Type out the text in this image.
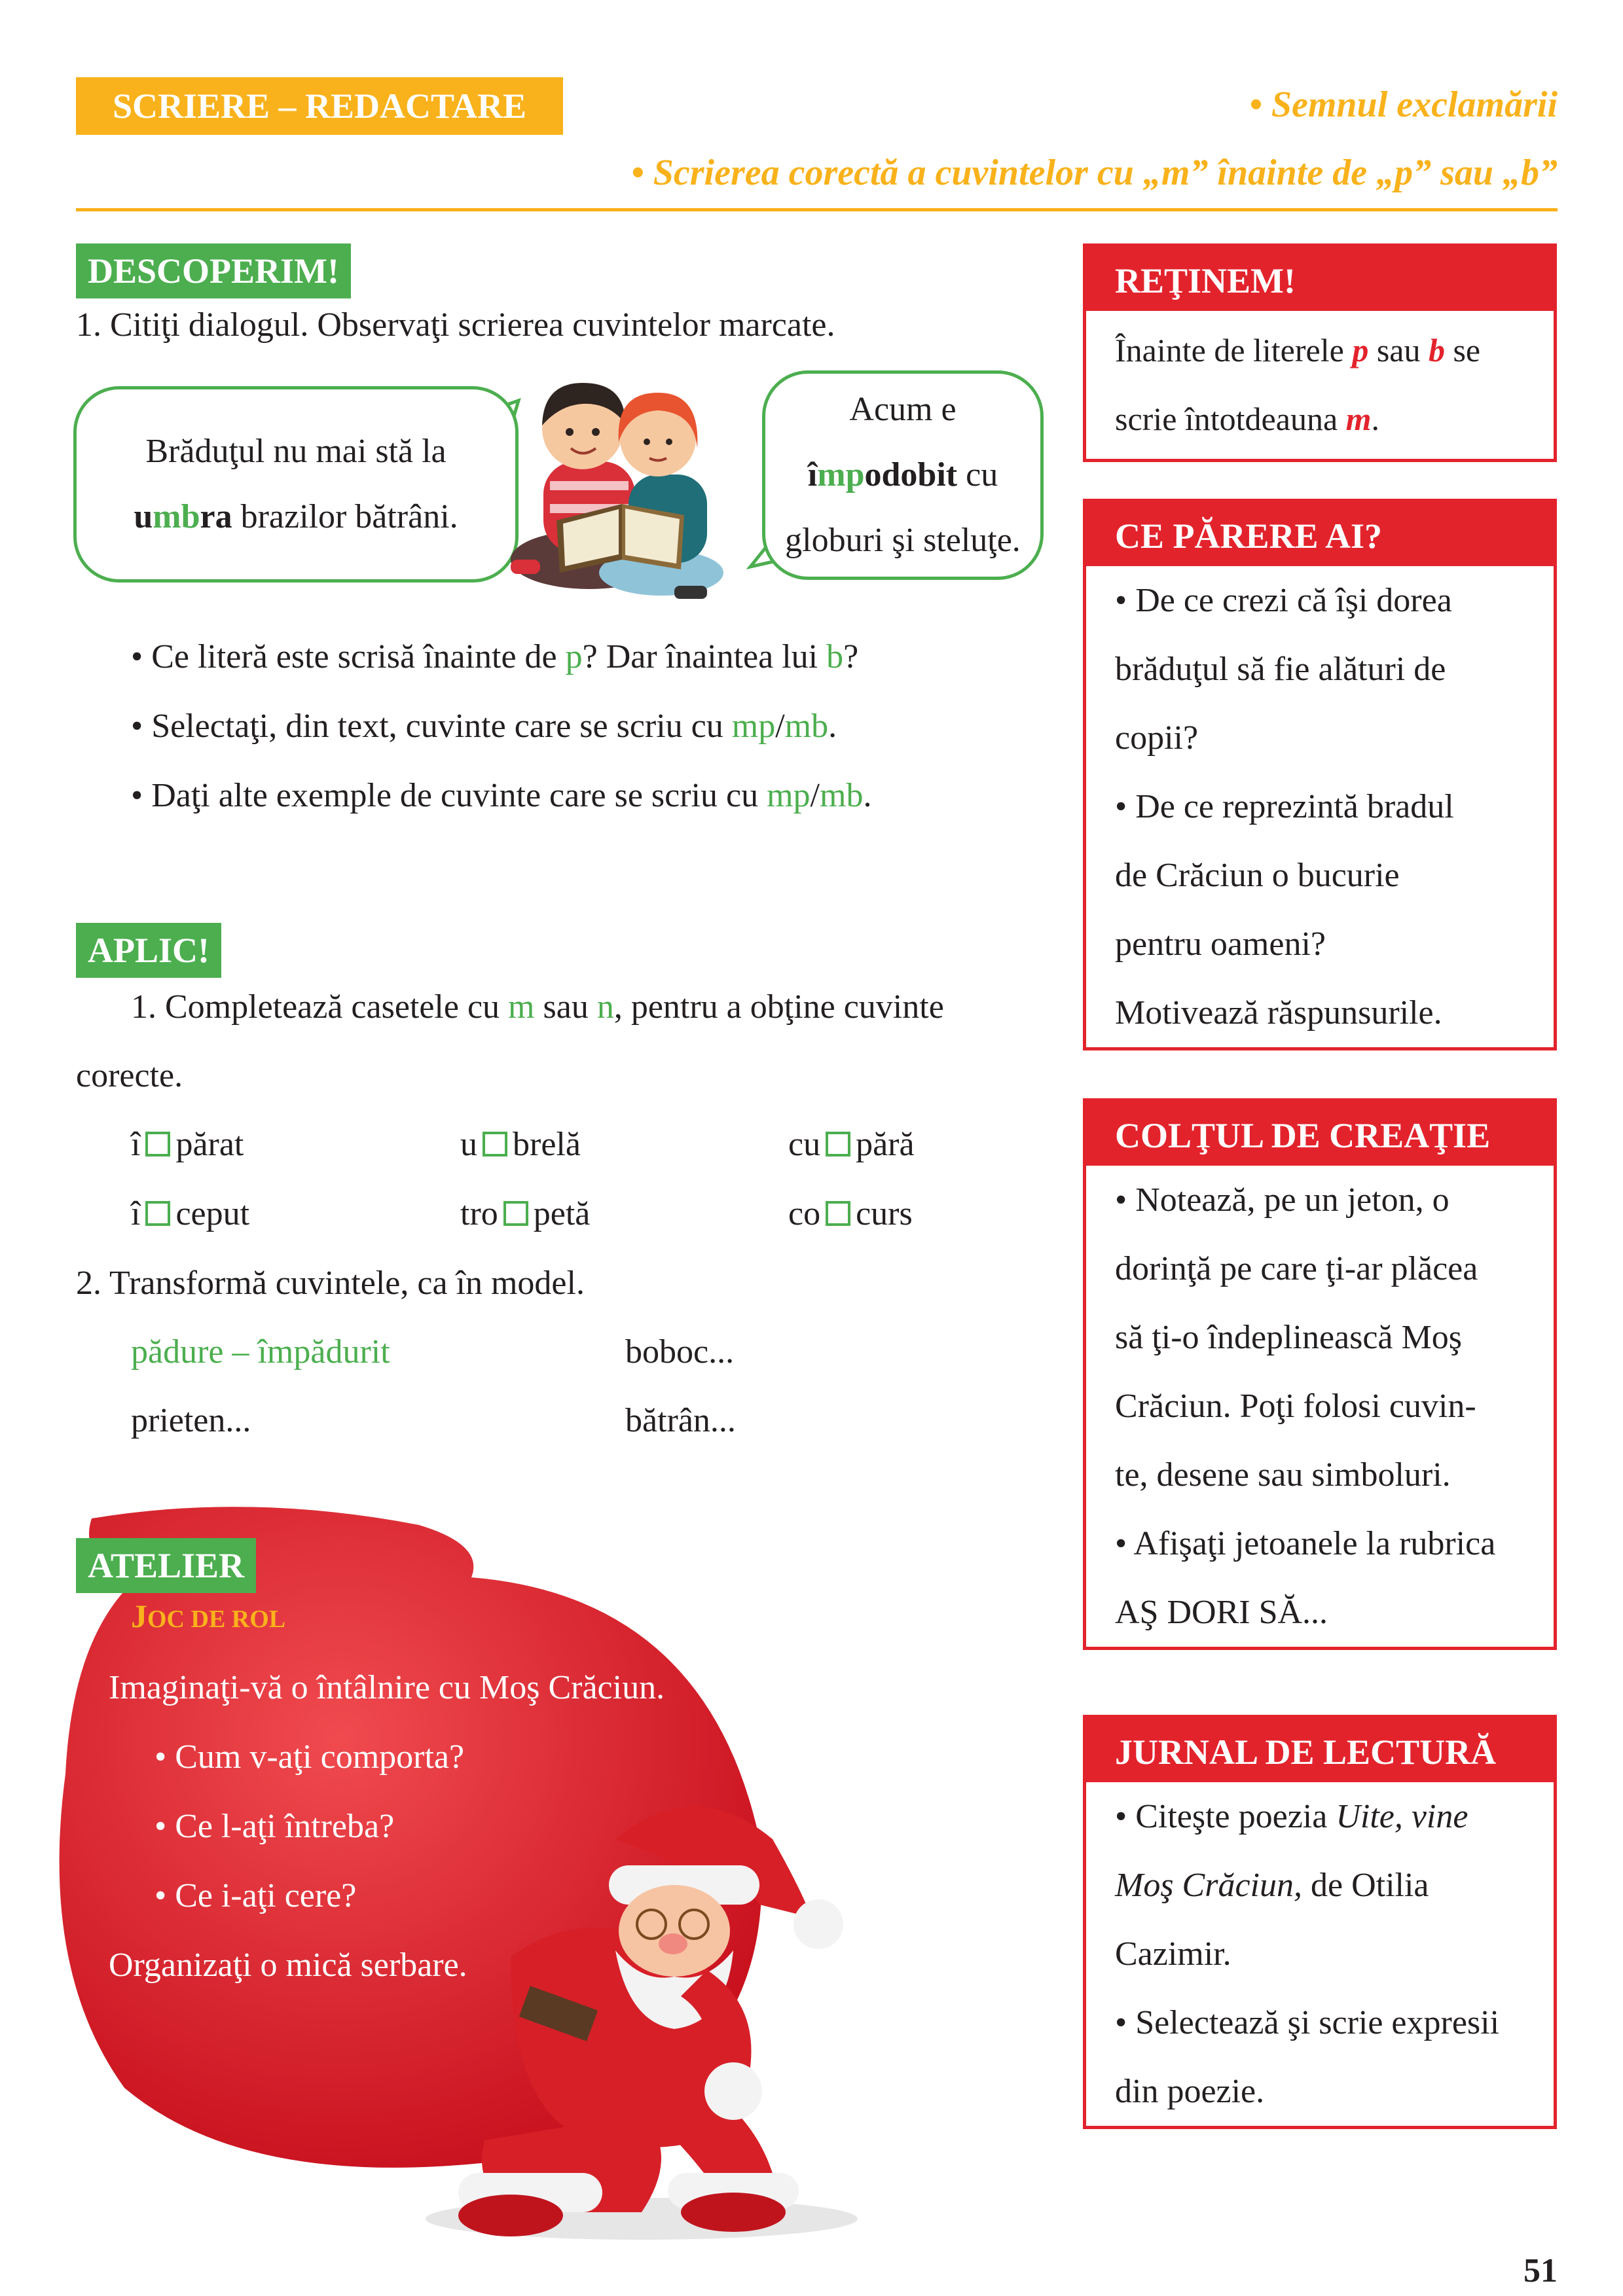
SCRIERE – REDACTARE	• Semnul exclamării
• Scrierea corectă a cuvintelor cu „m” înainte de „p” sau „b”
DESCOPERIM!
1. Citiţi dialogul. Observaţi scrierea cuvintelor marcate.

Brăduţul nu mai stă la

umbra brazilor bătrâni.

Acum e

împodobit cu

globuri şi steluţe.

• Ce literă este scrisă înainte de p? Dar înaintea lui b?
• Selectaţi, din text, cuvinte care se scriu cu mp/mb.
• Daţi alte exemple de cuvinte care se scriu cu mp/mb.
APLIC!
1. Completează casetele cu m sau n, pentru a obţine cuvinte
corecte.
î părat	u brelă	cu pără
î ceput	tro petă	co curs
2. Transformă cuvintele, ca în model.
pădure – împădurit	boboc...
prieten...	bătrân...
ATELIER
JOC DE ROL
Imaginaţi-vă o întâlnire cu Moş Crăciun.
• Cum v-aţi comporta?
• Ce l-aţi întreba?
• Ce i-aţi cere?
Organizaţi o mică serbare.
REŢINEM!

Înainte de literele p sau b se

scrie întotdeauna m.

CE PĂRERE AI?

• De ce crezi că îşi dorea

brăduţul să fie alături de

copii?

• De ce reprezintă bradul

de Crăciun o bucurie

pentru oameni?

Motivează răspunsurile.

COLŢUL DE CREAŢIE

• Notează, pe un jeton, o

dorinţă pe care ţi-ar plăcea

să ţi-o îndeplinească Moş

Crăciun. Poţi folosi cuvin-

te, desene sau simboluri.

• Afişaţi jetoanele la rubrica

AŞ DORI SĂ...

JURNAL DE LECTURĂ

• Citeşte poezia Uite, vine

Moş Crăciun, de Otilia

Cazimir.

• Selectează şi scrie expresii

din poezie.

51
